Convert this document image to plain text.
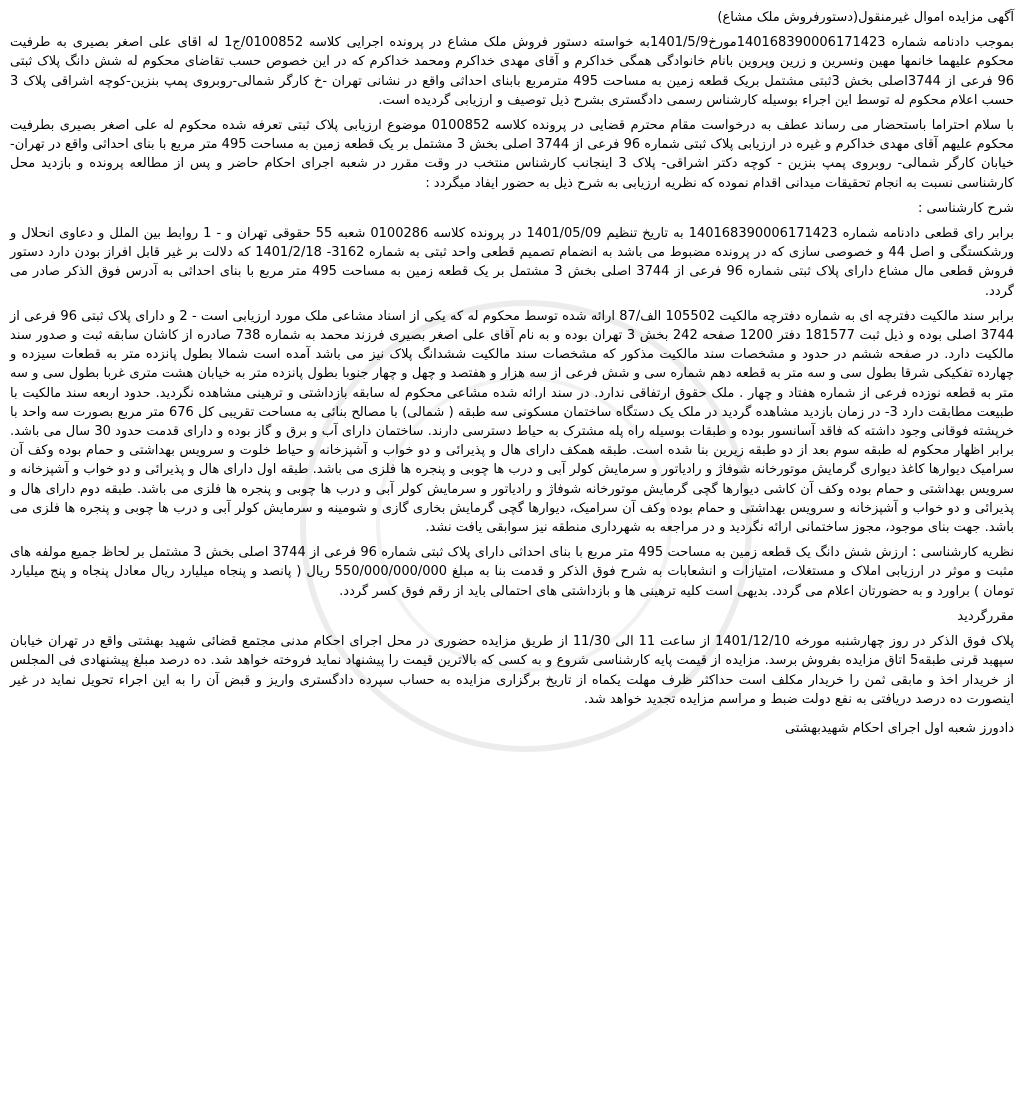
آگهی مزایده اموال غیرمنقول(دستورفروش ملک مشاع)

بموجب دادنامه شماره 140168390006171423مورخ1401/5/9به خواسته دستور فروش ملک مشاع در پرونده اجرایی کلاسه 0100852/ج1 له اقای علی اصغر بصیری به طرفیت محکوم علیهما خانمها مهین ونسرین و زرین وپروین بانام خانوادگی همگی خداکرم و آقای مهدی خداکرم ومحمد خداکرم که در این خصوص حسب تقاضای محکوم له شش دانگ پلاک ثبتی 96 فرعی از 3744اصلی بخش 3ثبتی مشتمل بریک قطعه زمین به مساحت 495 مترمربع بابنای احداثی واقع در نشانی تهران -خ کارگر شمالی-روبروی پمپ بنزین-کوچه اشراقی پلاک 3 حسب اعلام محکوم له توسط این اجراء بوسیله کارشناس رسمی دادگستری بشرح ذیل توصیف و ارزیابی گردیده است.

با سلام احتراما باستحضار می رساند عطف به درخواست مقام محترم قضایی در پرونده کلاسه 0100852 موضوع ارزیابی پلاک ثبتی تعرفه شده محکوم له علی اصغر بصیری بطرفیت محکوم علیهم آقای مهدی خداکرم و غیره در ارزیابی پلاک ثبتی شماره 96 فرعی از 3744 اصلی بخش 3 مشتمل بر یک قطعه زمین به مساحت 495 متر مربع با بنای احداثی واقع در تهران- خیابان کارگر شمالی- روبروی پمپ بنزین - کوچه دکتر اشراقی- پلاک 3 اینجانب کارشناس منتخب در وقت مقرر در شعبه اجرای احکام حاضر و پس از مطالعه پرونده و بازدید محل کارشناسی نسبت به انجام تحقیقات میدانی اقدام نموده که نظریه ارزیابی به شرح ذیل به حضور ایفاد میگردد :

شرح کارشناسی :

برابر رای قطعی دادنامه شماره 140168390006171423 به تاریخ تنظیم 1401/05/09 در پرونده کلاسه 0100286 شعبه 55 حقوقی تهران و - 1 روابط بین الملل و دعاوی انحلال و ورشکستگی و اصل 44 و خصوصی سازی که در پرونده مضبوط می باشد به انضمام تصمیم قطعی واحد ثبتی به شماره 3162- 1401/2/18 که دلالت بر غیر قابل افراز بودن دارد دستور فروش قطعی مال مشاع دارای پلاک ثبتی شماره 96 فرعی از 3744 اصلی بخش 3 مشتمل بر یک قطعه زمین به مساحت 495 متر مربع با بنای احداثی به آدرس فوق الذکر صادر می گردد.

برابر سند مالکیت دفترچه ای به شماره دفترچه مالکیت 105502 الف/87 ارائه شده توسط محکوم له که یکی از اسناد مشاعی ملک مورد ارزیابی است - 2 و دارای پلاک ثبتی 96 فرعی از 3744 اصلی بوده و ذیل ثبت 181577 دفتر 1200 صفحه 242 بخش 3 تهران بوده و به نام آقای علی اصغر بصیری فرزند محمد به شماره 738 صادره از کاشان سابقه ثبت و صدور سند مالکیت دارد. در صفحه ششم در حدود و مشخصات سند مالکیت مذکور که مشخصات سند مالکیت ششدانگ پلاک نیز می باشد آمده است شمالا بطول پانزده متر به قطعات سیزده و چهارده تفکیکی شرقا بطول سی و سه متر به قطعه دهم شماره سی و شش فرعی از سه هزار و هفتصد و چهل و چهار جنوبا بطول پانزده متر به خیابان هشت متری غربا بطول سی و سه متر به قطعه نوزده فرعی از شماره هفتاد و چهار . ملک حقوق ارتفاقی ندارد. در سند ارائه شده مشاعی محکوم له سابقه بازداشتی و ترهینی مشاهده نگردید. حدود اربعه سند مالکیت با طبیعت مطابقت دارد 3- در زمان بازدید مشاهده گردید در ملک یک دستگاه ساختمان مسکونی سه طبقه ( شمالی) با مصالح بنائی به مساحت تقریبی کل 676 متر مربع بصورت سه واحد با خرپشته فوقانی وجود داشته که فاقد آسانسور بوده و طبقات بوسیله راه پله مشترک به حیاط دسترسی دارند. ساختمان دارای آب و برق و گاز بوده و دارای قدمت حدود 30 سال می باشد. برابر اظهار محکوم له طبقه سوم بعد از دو طبقه زیرین بنا شده است. طبقه همکف دارای هال و پذیرائی و دو خواب و آشپزخانه و حیاط خلوت و سرویس بهداشتی و حمام بوده وکف آن سرامیک دیوارها کاغذ دیواری گرمایش موتورخانه شوفاژ و رادیاتور و سرمایش کولر آبی و درب ها چوبی و پنجره ها فلزی می باشد. طبقه اول دارای هال و پذیرائی و دو خواب و آشپزخانه و سرویس بهداشتی و حمام بوده وکف آن کاشی دیوارها گچی گرمایش موتورخانه شوفاژ و رادیاتور و سرمایش کولر آبی و درب ها چوبی و پنجره ها فلزی می باشد. طبقه دوم دارای هال و پذیرائی و دو خواب و آشپزخانه و سرویس بهداشتی و حمام بوده وکف آن سرامیک، دیوارها گچی گرمایش بخاری گازی و شومینه و سرمایش کولر آبی و درب ها چوبی و پنجره ها فلزی می باشد. جهت بنای موجود، مجوز ساختمانی ارائه نگردید و در مراجعه به شهرداری منطقه نیز سوابقی یافت نشد.

نظریه کارشناسی : ارزش شش دانگ یک قطعه زمین به مساحت 495 متر مربع با بنای احداثی دارای پلاک ثبتی شماره 96 فرعی از 3744 اصلی بخش 3 مشتمل بر لحاظ جمیع مولفه های مثبت و موثر در ارزیابی املاک و مستغلات، امتیازات و انشعابات به شرح فوق الذکر و قدمت بنا به مبلغ 550/000/000/000 ریال ( پانصد و پنجاه میلیارد ریال معادل پنجاه و پنج میلیارد تومان ) براورد و به حضورتان اعلام می گردد. بدیهی است کلیه ترهینی ها و بازداشتی های احتمالی باید از رقم فوق کسر گردد.

مقررگردید

پلاک فوق الذکر در روز چهارشنبه مورخه 1401/12/10 از ساعت 11 الی 11/30 از طریق مزایده حضوری در محل اجرای احکام مدنی مجتمع قضائی شهید بهشتی واقع در تهران خیابان سپهبد قرنی طبقه5 اتاق مزایده بفروش برسد. مزایده از قیمت پایه کارشناسی شروع و به کسی که بالاترین قیمت را پیشنهاد نماید فروخته خواهد شد. ده درصد مبلغ پیشنهادی فی المجلس از خریدار اخذ و مابقی ثمن را خریدار مکلف است حداکثر ظرف مهلت یکماه از تاریخ برگزاری مزایده به حساب سپرده دادگستری واریز و قبض آن را به این اجراء تحویل نماید در غیر اینصورت ده درصد دریافتی به نفع دولت ضبط و مراسم مزایده تجدید خواهد شد.

دادورز شعبه اول اجرای احکام شهیدبهشتی
